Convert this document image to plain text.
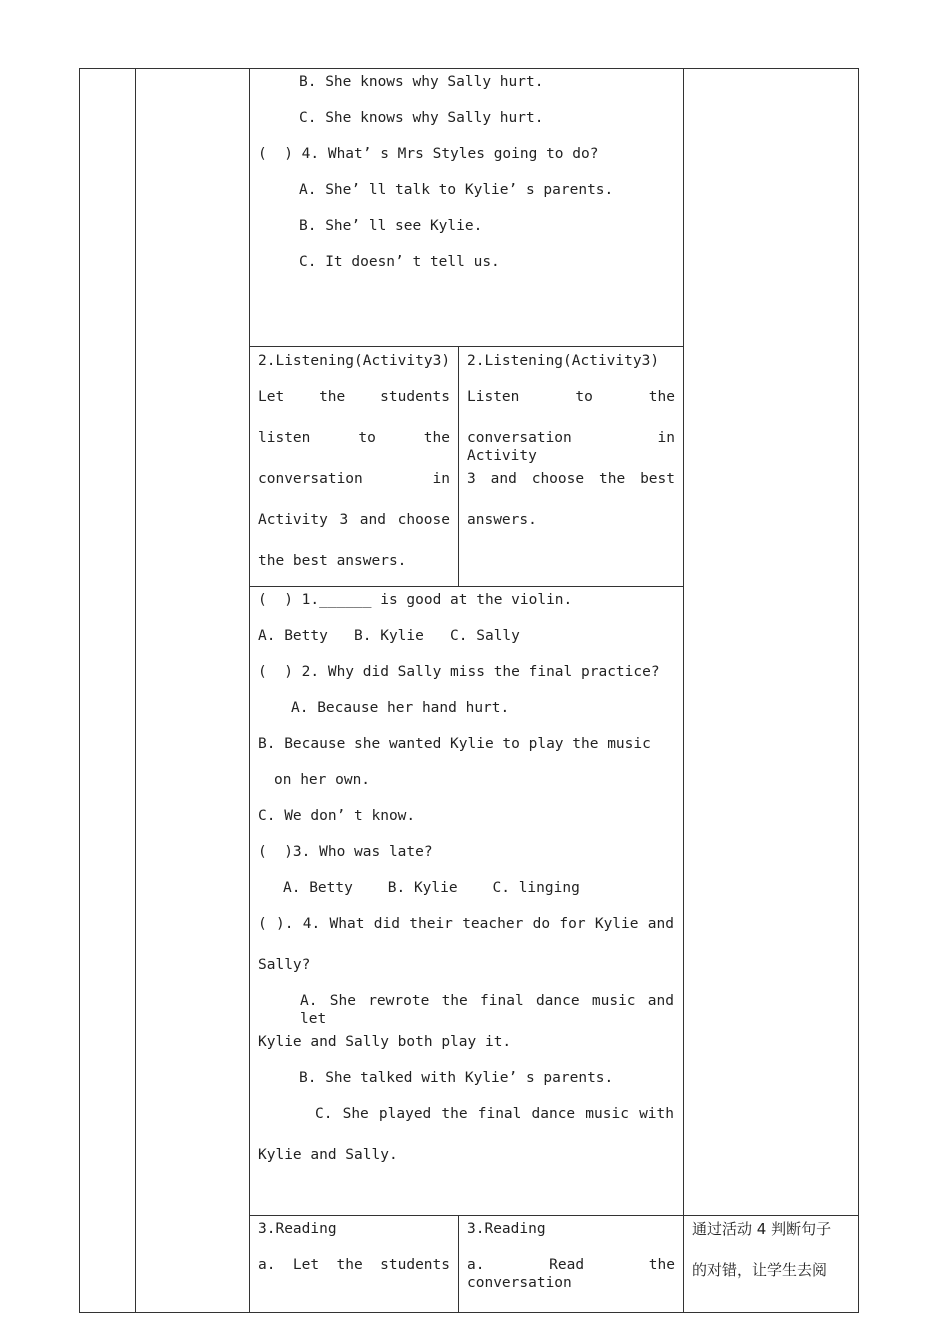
B. She knows why Sally hurt.
C. She knows why Sally hurt.
(  ) 4. What’ s Mrs Styles going to do?
A. She’ ll talk to Kylie’ s parents.
B. She’ ll see Kylie.
C. It doesn’ t tell us.
2.Listening(Activity3)
Let the students
listen to the
conversation in
Activity 3 and choose
the best answers.
2.Listening(Activity3)
Listen to the
conversation in Activity
3 and choose the best
answers.
(  ) 1.______ is good at the violin.
A. Betty   B. Kylie   C. Sally
(  ) 2. Why did Sally miss the final practice?
A. Because her hand hurt.
B. Because she wanted Kylie to play the music
on her own.
C. We don’ t know.
(  )3. Who was late?
A. Betty    B. Kylie    C. linging
( ). 4. What did their teacher do for Kylie and
Sally?
A. She rewrote the final dance music and let
Kylie and Sally both play it.
B. She talked with Kylie’ s parents.
C. She played the final dance music with
Kylie and Sally.
3.Reading
a. Let the students
3.Reading
a. Read the conversation
通过活动 4 判断句子
的对错，让学生去阅
